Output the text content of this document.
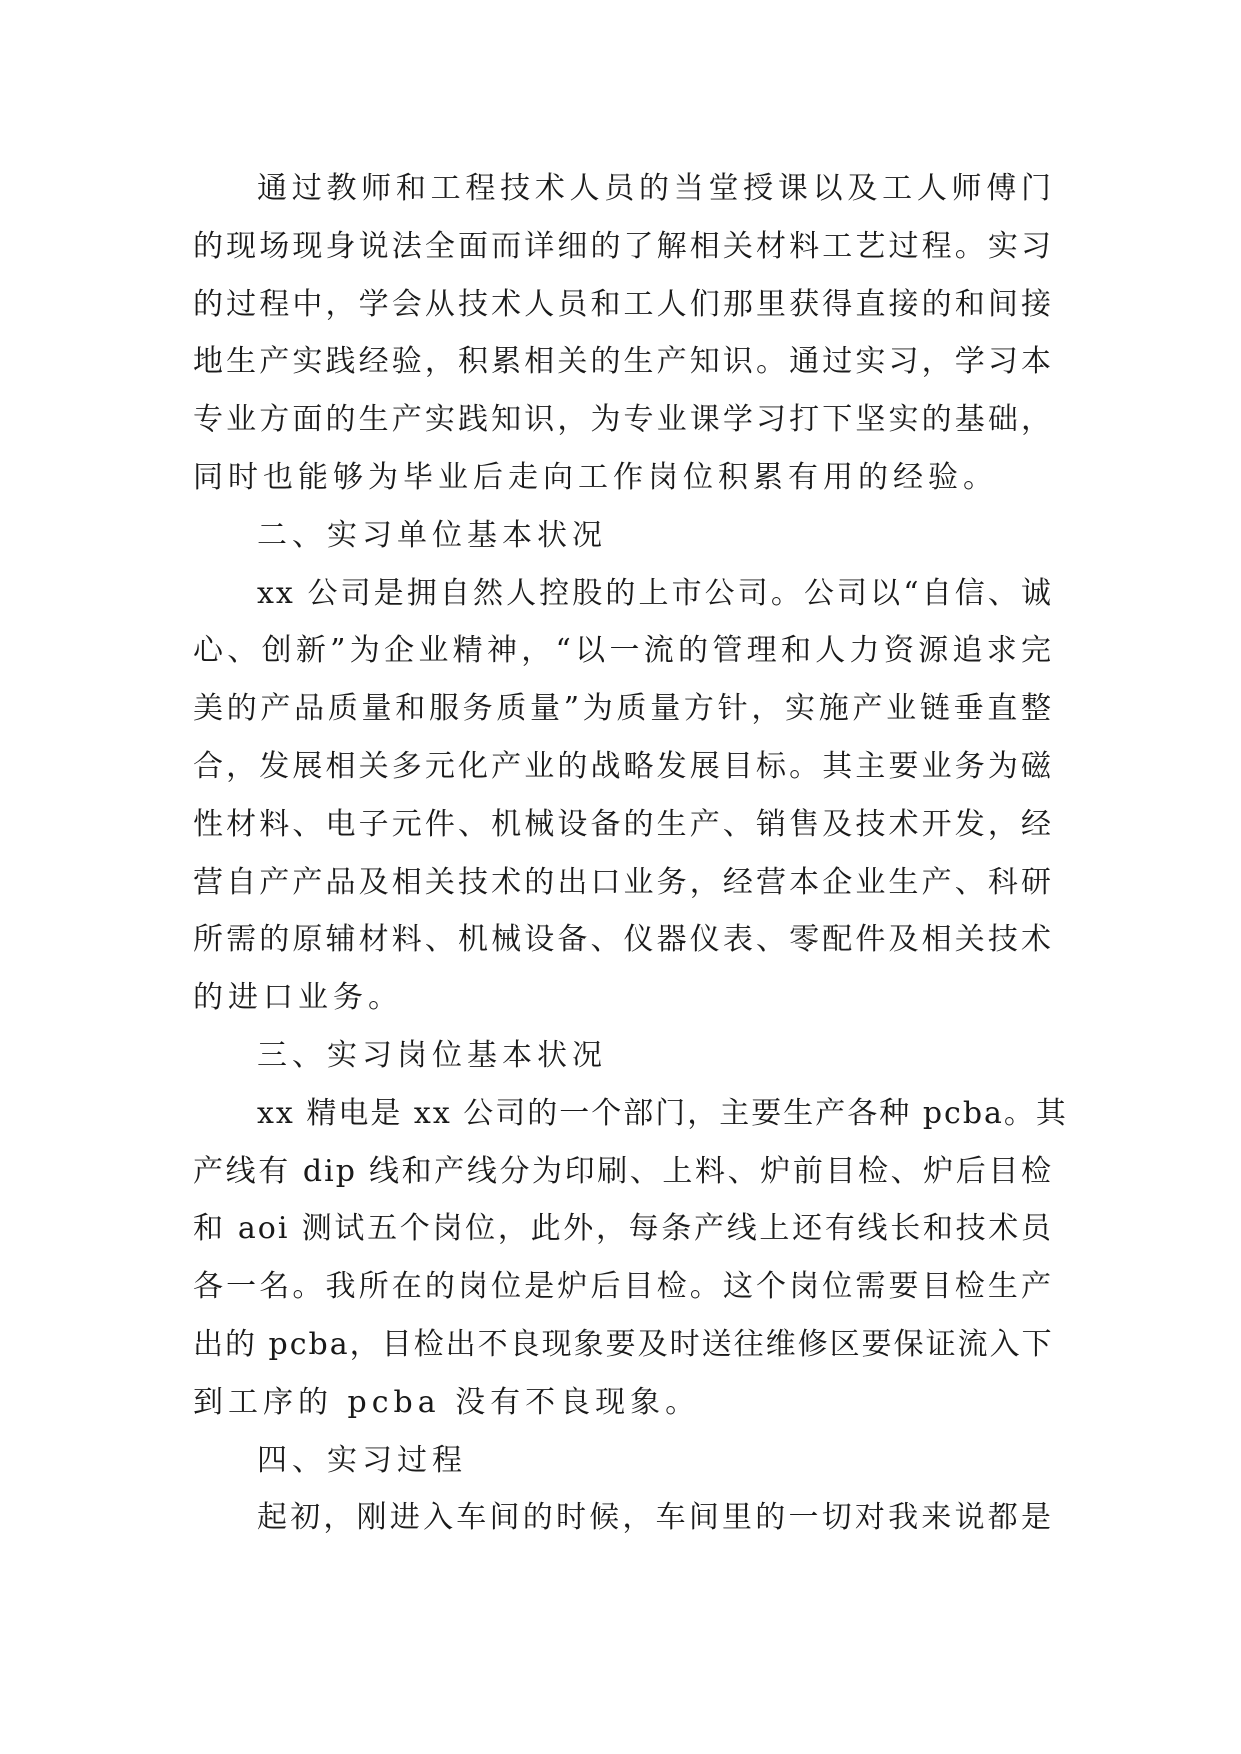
通过教师和工程技术人员的当堂授课以及工人师傅门
的现场现身说法全面而详细的了解相关材料工艺过程。实习
的过程中，学会从技术人员和工人们那里获得直接的和间接
地生产实践经验，积累相关的生产知识。通过实习，学习本
专业方面的生产实践知识，为专业课学习打下坚实的基础，
同时也能够为毕业后走向工作岗位积累有用的经验。
二、实习单位基本状况
xx 公司是拥自然人控股的上市公司。公司以“自信、诚
心、创新”为企业精神，“以一流的管理和人力资源追求完
美的产品质量和服务质量”为质量方针，实施产业链垂直整
合，发展相关多元化产业的战略发展目标。其主要业务为磁
性材料、电子元件、机械设备的生产、销售及技术开发，经
营自产产品及相关技术的出口业务，经营本企业生产、科研
所需的原辅材料、机械设备、仪器仪表、零配件及相关技术
的进口业务。
三、实习岗位基本状况
xx 精电是 xx 公司的一个部门，主要生产各种 pcba。其
产线有 dip 线和产线分为印刷、上料、炉前目检、炉后目检
和 aoi 测试五个岗位，此外，每条产线上还有线长和技术员
各一名。我所在的岗位是炉后目检。这个岗位需要目检生产
出的 pcba，目检出不良现象要及时送往维修区要保证流入下
到工序的 pcba 没有不良现象。
四、实习过程
起初，刚进入车间的时候，车间里的一切对我来说都是
